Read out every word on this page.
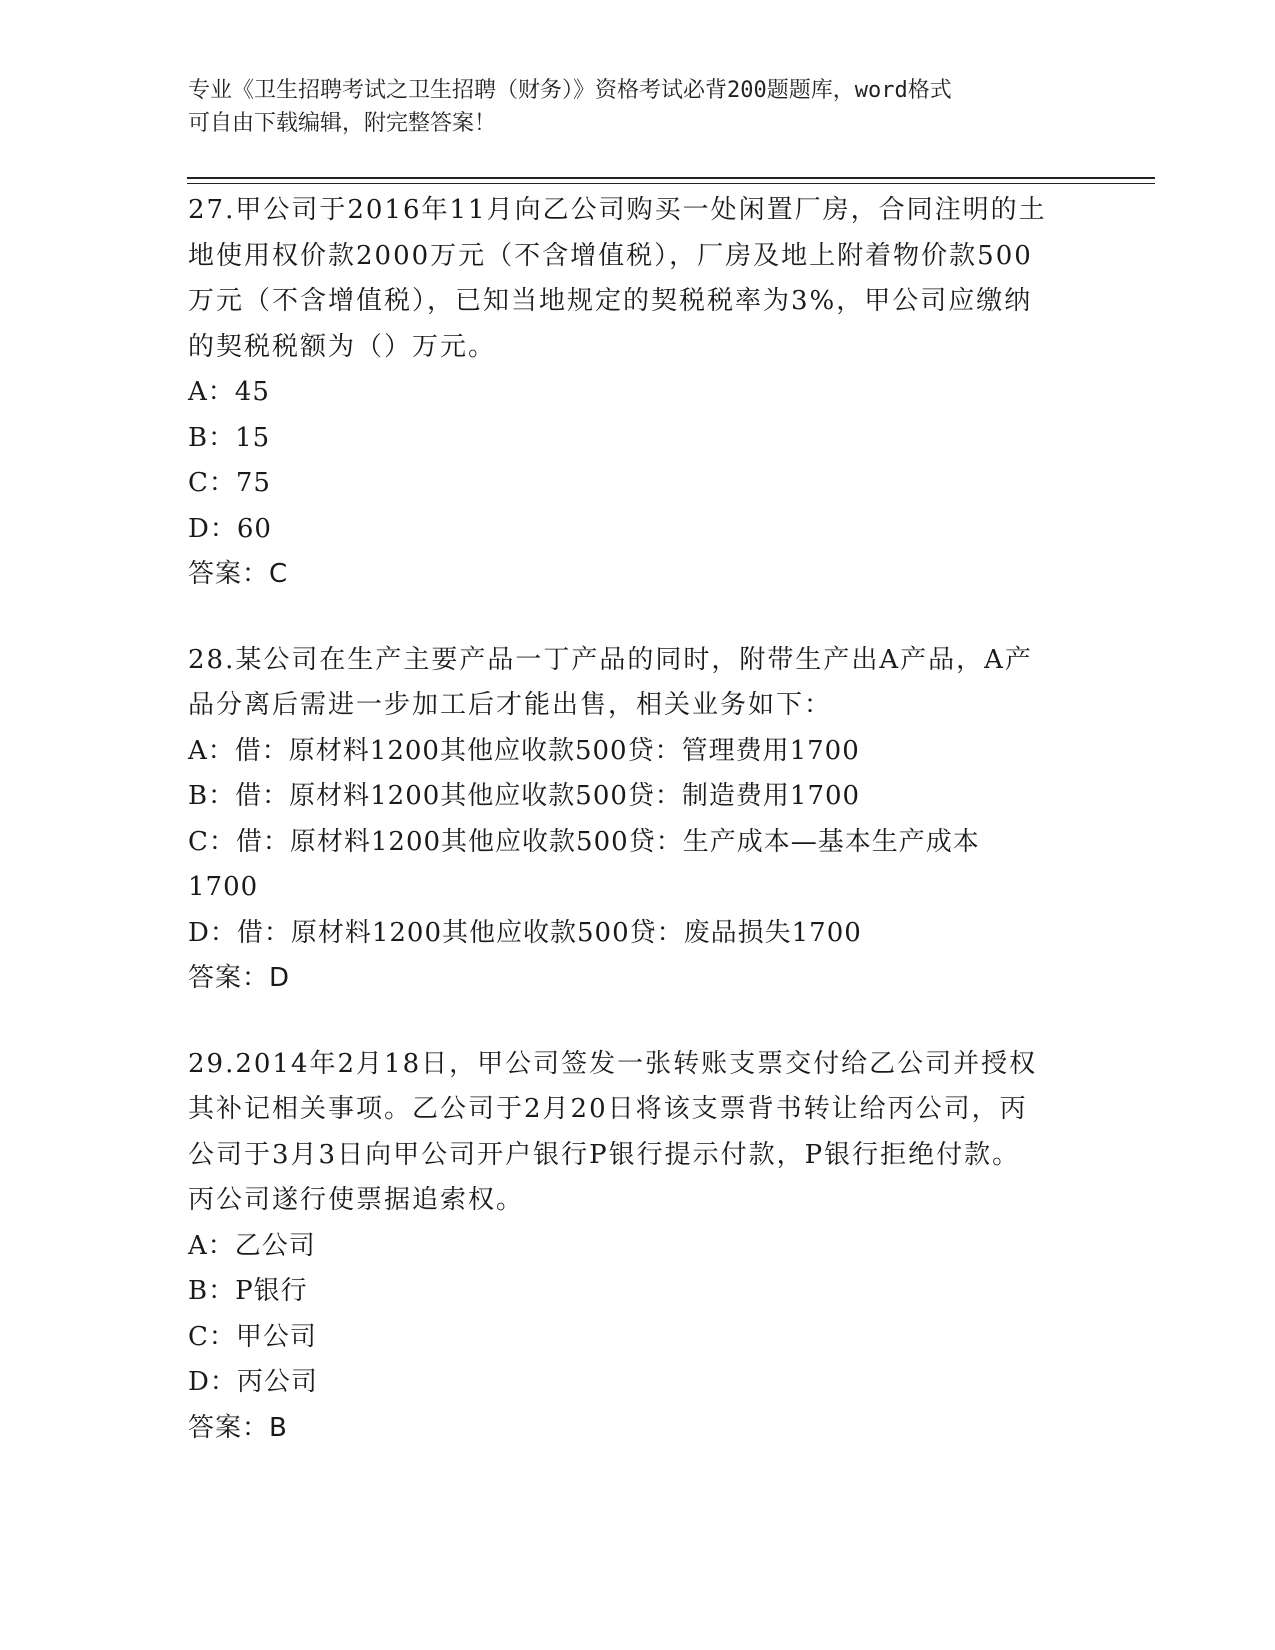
专业《卫生招聘考试之卫生招聘（财务）》资格考试必背200题题库，word格式
可自由下载编辑，附完整答案！
27.甲公司于2016年11月向乙公司购买一处闲置厂房，合同注明的土
地使用权价款2000万元（不含增值税），厂房及地上附着物价款500
万元（不含增值税），已知当地规定的契税税率为3%，甲公司应缴纳
的契税税额为（）万元。
A：45
B：15
C：75
D：60
答案：C
28.某公司在生产主要产品一丁产品的同时，附带生产出A产品，A产
品分离后需进一步加工后才能出售，相关业务如下：
A：借：原材料1200其他应收款500贷：管理费用1700
B：借：原材料1200其他应收款500贷：制造费用1700
C：借：原材料1200其他应收款500贷：生产成本—基本生产成本
1700
D：借：原材料1200其他应收款500贷：废品损失1700
答案：D
29.2014年2月18日，甲公司签发一张转账支票交付给乙公司并授权
其补记相关事项。乙公司于2月20日将该支票背书转让给丙公司，丙
公司于3月3日向甲公司开户银行P银行提示付款，P银行拒绝付款。
丙公司遂行使票据追索权。
A：乙公司
B：P银行
C：甲公司
D：丙公司
答案：B
